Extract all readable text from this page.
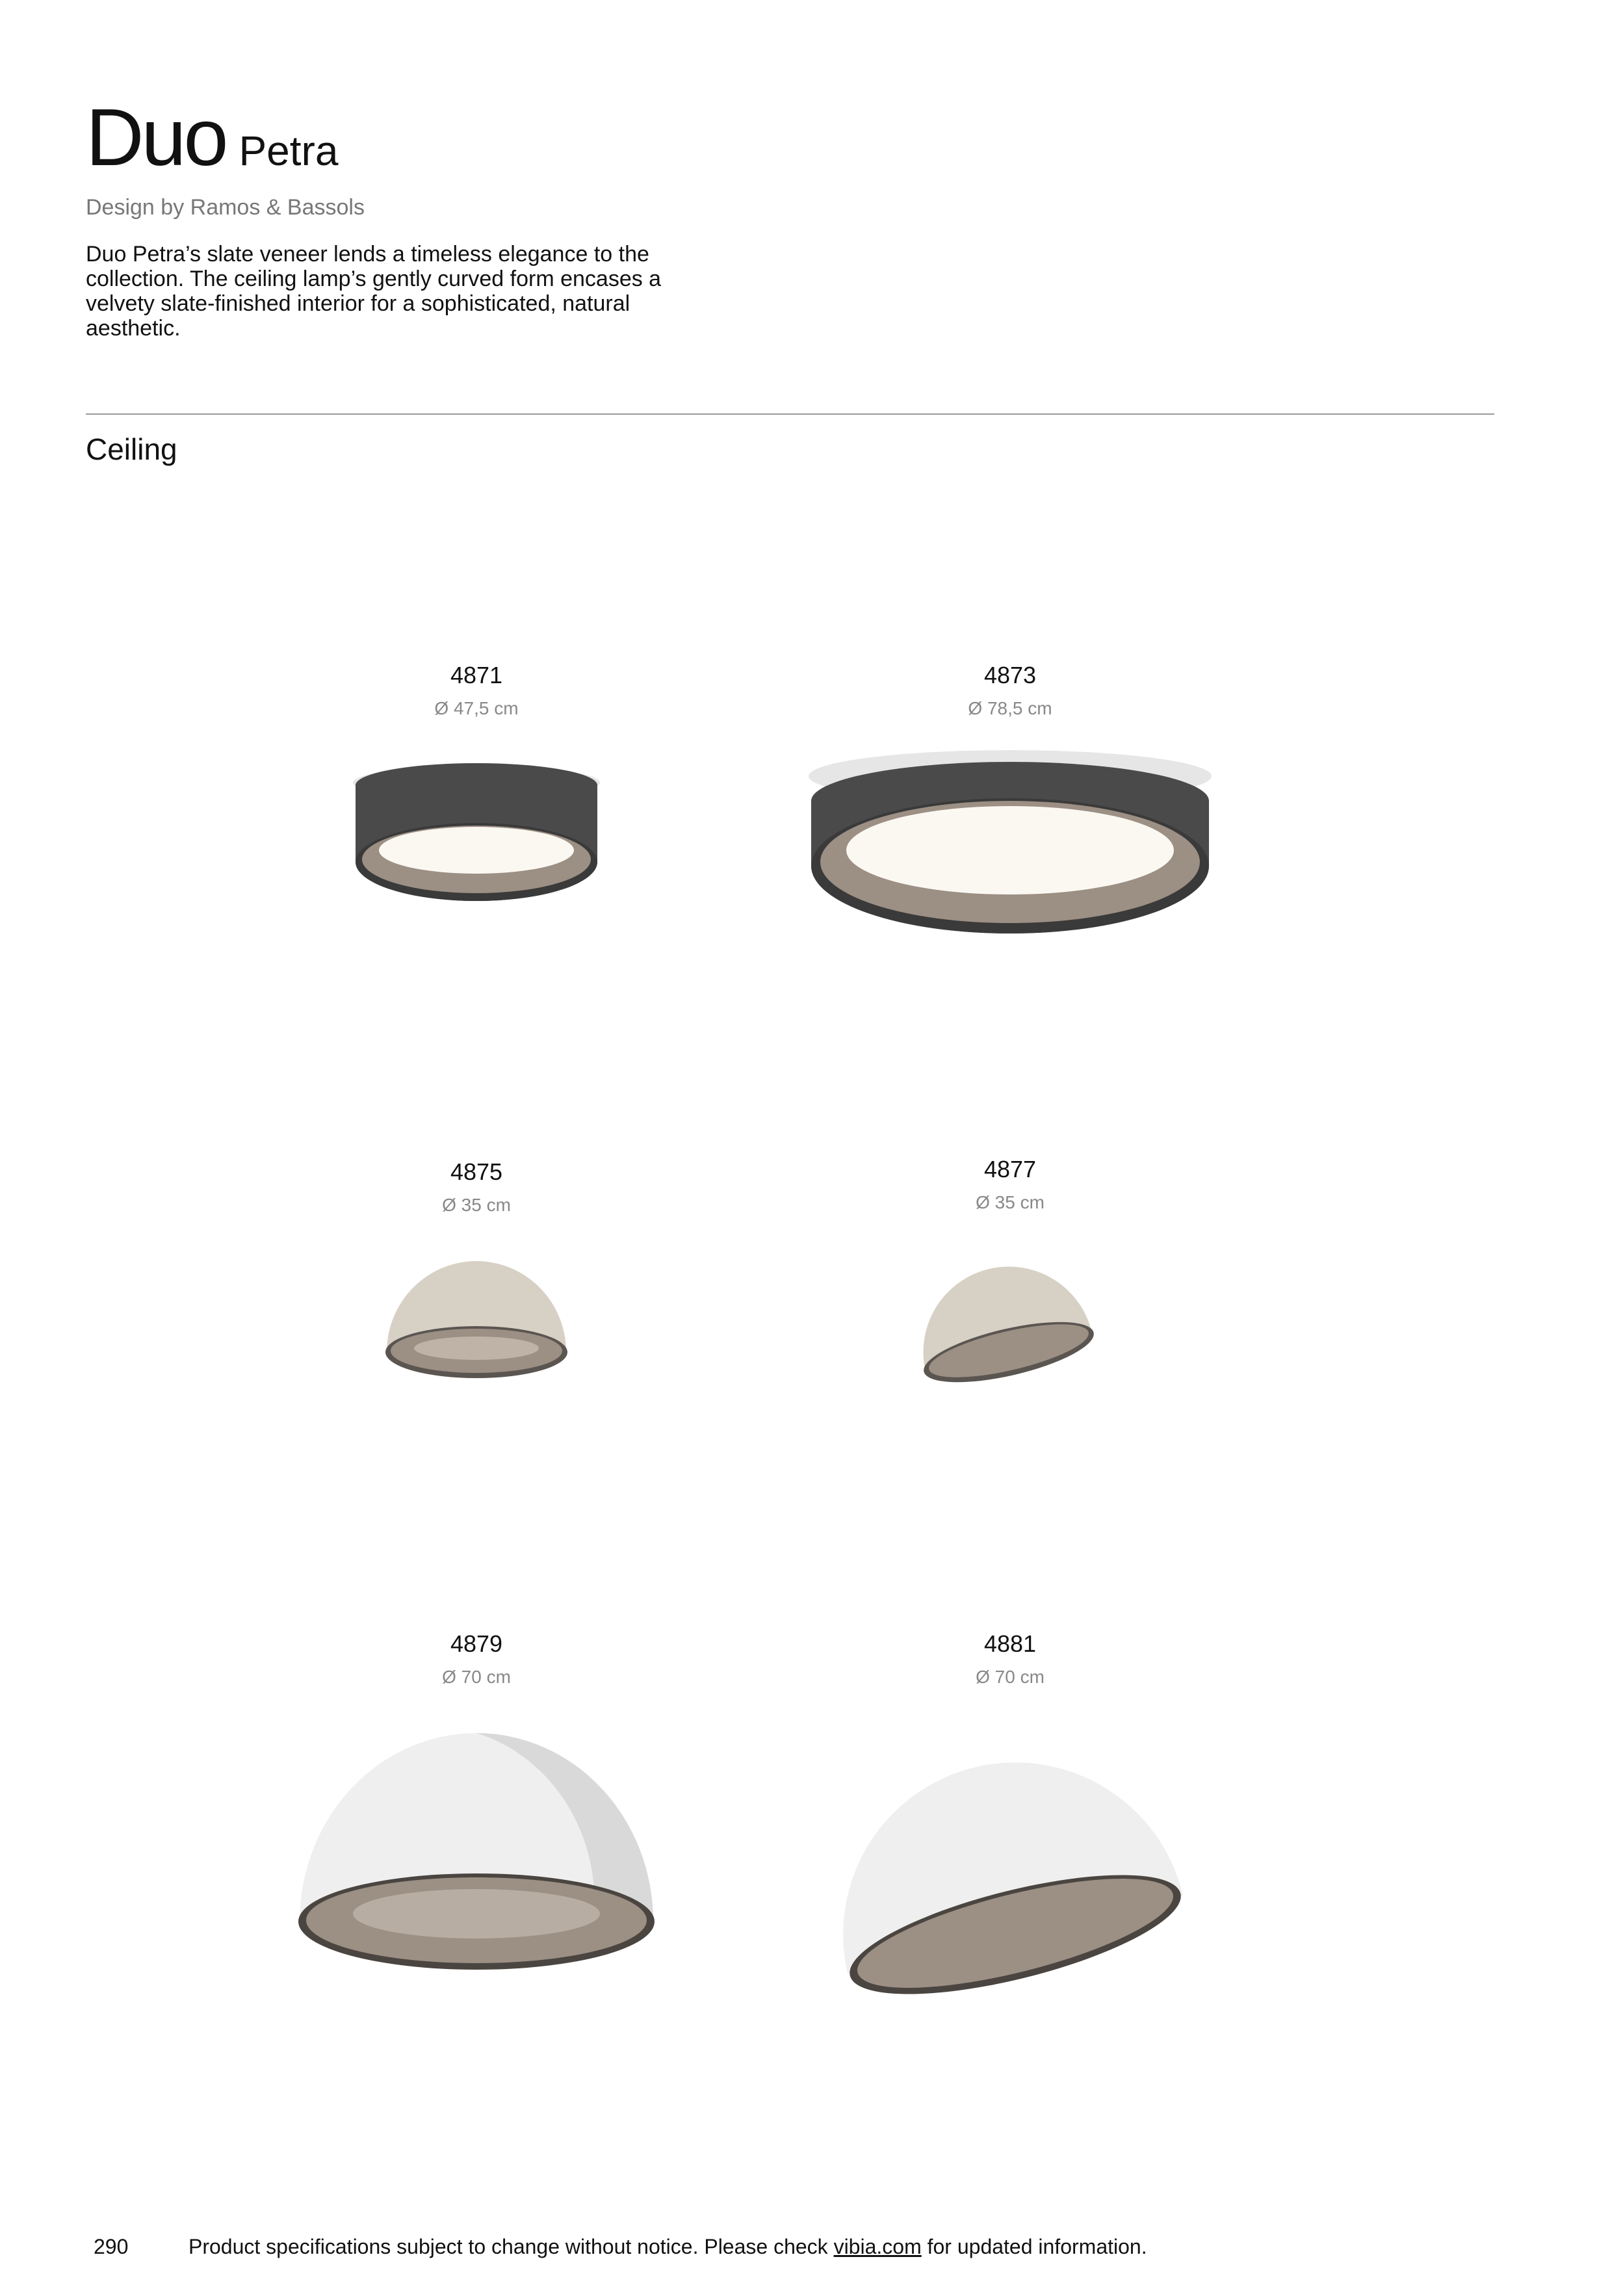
Duo Petra
Design by Ramos & Bassols

Duo Petra’s slate veneer lends a timeless elegance to the collection. The ceiling lamp’s gently curved form encases a velvety slate-finished interior for a sophisticated, natural aesthetic.

Ceiling
4871
Ø 47,5 cm
4873
Ø 78,5 cm
4875
Ø 35 cm
4877
Ø 35 cm
4879
Ø 70 cm
4881
Ø 70 cm
290	Product specifications subject to change without notice. Please check vibia.com for updated information.
